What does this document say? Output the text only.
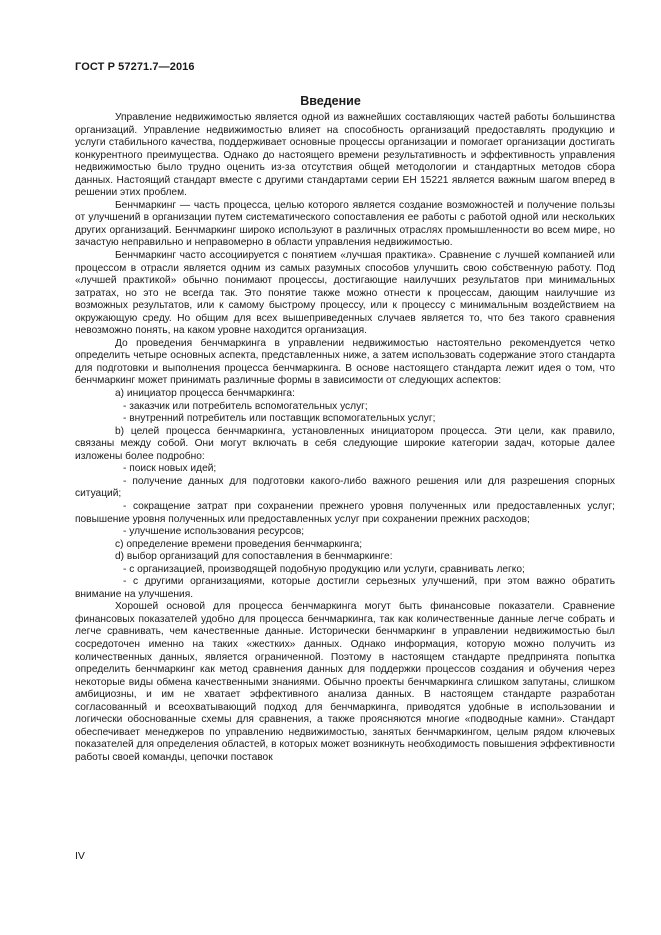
ГОСТ Р 57271.7—2016
Введение

Управление недвижимостью является одной из важнейших составляющих частей работы большинства организаций. Управление недвижимостью влияет на способность организаций предоставлять продукцию и услуги стабильного качества, поддерживает основные процессы организации и помогает организации достигать конкурентного преимущества. Однако до настоящего времени результативность и эффективность управления недвижимостью было трудно оценить из-за отсутствия общей методологии и стандартных методов сбора данных. Настоящий стандарт вместе с другими стандартами серии ЕН 15221 является важным шагом вперед в решении этих проблем.

Бенчмаркинг — часть процесса, целью которого является создание возможностей и получение пользы от улучшений в организации путем систематического сопоставления ее работы с работой одной или нескольких других организаций. Бенчмаркинг широко используют в различных отраслях промышленности во всем мире, но зачастую неправильно и неправомерно в области управления недвижимостью.

Бенчмаркинг часто ассоциируется с понятием «лучшая практика». Сравнение с лучшей компанией или процессом в отрасли является одним из самых разумных способов улучшить свою собственную работу. Под «лучшей практикой» обычно понимают процессы, достигающие наилучших результатов при минимальных затратах, но это не всегда так. Это понятие также можно отнести к процессам, дающим наилучшие из возможных результатов, или к самому быстрому процессу, или к процессу с минимальным воздействием на окружающую среду. Но общим для всех вышеприведенных случаев является то, что без такого сравнения невозможно понять, на каком уровне находится организация.

До проведения бенчмаркинга в управлении недвижимостью настоятельно рекомендуется четко определить четыре основных аспекта, представленных ниже, а затем использовать содержание этого стандарта для подготовки и выполнения процесса бенчмаркинга. В основе настоящего стандарта лежит идея о том, что бенчмаркинг может принимать различные формы в зависимости от следующих аспектов:

а) инициатор процесса бенчмаркинга:

- заказчик или потребитель вспомогательных услуг;

- внутренний потребитель или поставщик вспомогательных услуг;

b) целей процесса бенчмаркинга, установленных инициатором процесса. Эти цели, как правило, связаны между собой. Они могут включать в себя следующие широкие категории задач, которые далее изложены более подробно:

- поиск новых идей;

- получение данных для подготовки какого-либо важного решения или для разрешения спорных ситуаций;

- сокращение затрат при сохранении прежнего уровня полученных или предоставленных услуг; повышение уровня полученных или предоставленных услуг при сохранении прежних расходов;

- улучшение использования ресурсов;

c) определение времени проведения бенчмаркинга;

d) выбор организаций для сопоставления в бенчмаркинге:

- с организацией, производящей подобную продукцию или услуги, сравнивать легко;

- с другими организациями, которые достигли серьезных улучшений, при этом важно обратить внимание на улучшения.

Хорошей основой для процесса бенчмаркинга могут быть финансовые показатели. Сравнение финансовых показателей удобно для процесса бенчмаркинга, так как количественные данные легче собрать и легче сравнивать, чем качественные данные. Исторически бенчмаркинг в управлении недвижимостью был сосредоточен именно на таких «жестких» данных. Однако информация, которую можно получить из количественных данных, является ограниченной. Поэтому в настоящем стандарте предпринята попытка определить бенчмаркинг как метод сравнения данных для поддержки процессов создания и обучения через некоторые виды обмена качественными знаниями. Обычно проекты бенчмаркинга слишком запутаны, слишком амбициозны, и им не хватает эффективного анализа данных. В настоящем стандарте разработан согласованный и всеохватывающий подход для бенчмаркинга, приводятся удобные в использовании и логически обоснованные схемы для сравнения, а также проясняются многие «подводные камни». Стандарт обеспечивает менеджеров по управлению недвижимостью, занятых бенчмаркингом, целым рядом ключевых показателей для определения областей, в которых может возникнуть необходимость повышения эффективности работы своей команды, цепочки поставок

IV
